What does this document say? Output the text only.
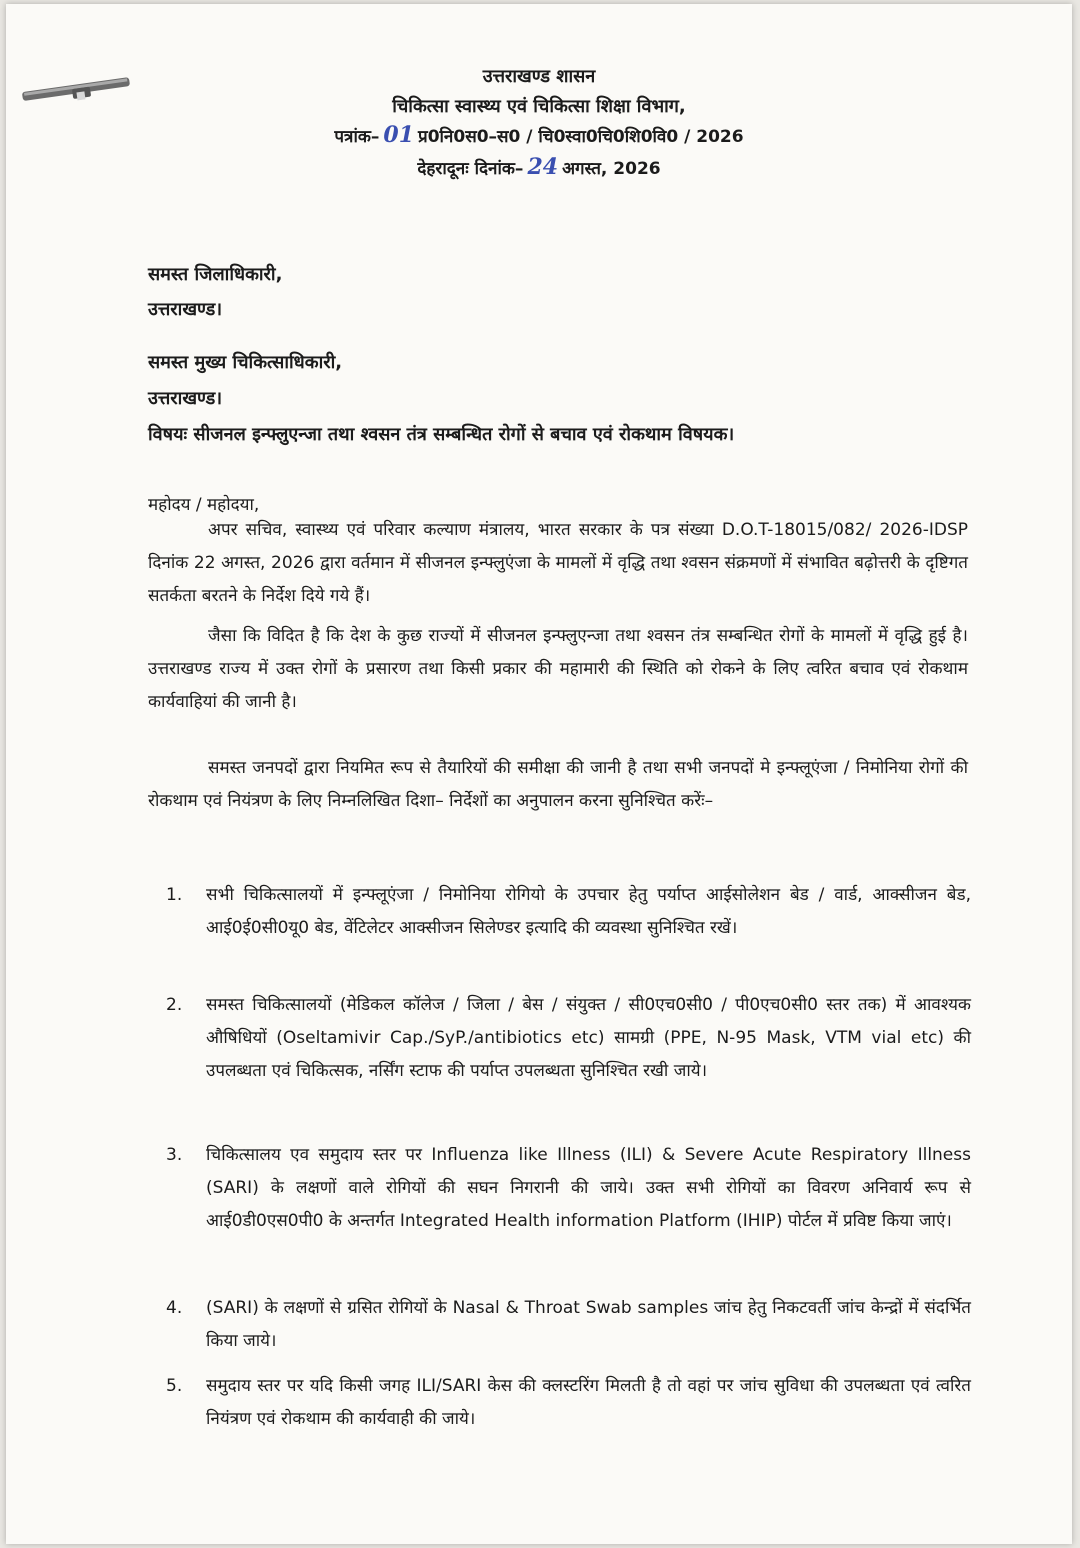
उत्तराखण्ड शासन
चिकित्सा स्वास्थ्य एवं चिकित्सा शिक्षा विभाग,
पत्रांक– 01 प्र0नि0स0–स0 / चि0स्वा0चि0शि0वि0 / 2026
देहरादूनः दिनांक– 24 अगस्त, 2026
समस्त जिलाधिकारी,
उत्तराखण्ड।
समस्त मुख्य चिकित्साधिकारी,
उत्तराखण्ड।
विषयः सीजनल इन्फ्लुएन्जा तथा श्वसन तंत्र सम्बन्धित रोगों से बचाव एवं रोकथाम विषयक।
महोदय / महोदया,
अपर सचिव, स्वास्थ्य एवं परिवार कल्याण मंत्रालय, भारत सरकार के पत्र संख्या D.O.T-18015/082/ 2026-IDSP दिनांक 22 अगस्त, 2026 द्वारा वर्तमान में सीजनल इन्फ्लुएंजा के मामलों में वृद्धि तथा श्वसन संक्रमणों में संभावित बढ़ोत्तरी के दृष्टिगत सतर्कता बरतने के निर्देश दिये गये हैं।
जैसा कि विदित है कि देश के कुछ राज्यों में सीजनल इन्फ्लुएन्जा तथा श्वसन तंत्र सम्बन्धित रोगों के मामलों में वृद्धि हुई है। उत्तराखण्ड राज्य में उक्त रोगों के प्रसारण तथा किसी प्रकार की महामारी की स्थिति को रोकने के लिए त्वरित बचाव एवं रोकथाम कार्यवाहियां की जानी है।
समस्त जनपदों द्वारा नियमित रूप से तैयारियों की समीक्षा की जानी है तथा सभी जनपदों मे इन्फ्लूएंजा / निमोनिया रोगों की रोकथाम एवं नियंत्रण के लिए निम्नलिखित दिशा– निर्देशों का अनुपालन करना सुनिश्चित करेंः–
1.	सभी चिकित्सालयों में इन्फ्लूएंजा / निमोनिया रोगियो के उपचार हेतु पर्याप्त आईसोलेशन बेड / वार्ड, आक्सीजन बेड, आई0ई0सी0यू0 बेड, वेंटिलेटर आक्सीजन सिलेण्डर इत्यादि की व्यवस्था सुनिश्चित रखें।
2.	समस्त चिकित्सालयों (मेडिकल कॉलेज / जिला / बेस / संयुक्त / सी0एच0सी0 / पी0एच0सी0 स्तर तक) में आवश्यक औषिधियों (Oseltamivir Cap./SyP./antibiotics etc) सामग्री (PPE, N-95 Mask, VTM vial etc) की उपलब्धता एवं चिकित्सक, नर्सिंग स्टाफ की पर्याप्त उपलब्धता सुनिश्चित रखी जाये।
3.	चिकित्सालय एव समुदाय स्तर पर Influenza like Illness (ILI) & Severe Acute Respiratory Illness (SARI) के लक्षणों वाले रोगियों की सघन निगरानी की जाये। उक्त सभी रोगियों का विवरण अनिवार्य रूप से आई0डी0एस0पी0 के अन्तर्गत Integrated Health information Platform (IHIP) पोर्टल में प्रविष्ट किया जाएं।
4.	(SARI) के लक्षणों से ग्रसित रोगियों के Nasal & Throat Swab samples जांच हेतु निकटवर्ती जांच केन्द्रों में संदर्भित किया जाये।
5.	समुदाय स्तर पर यदि किसी जगह ILI/SARI केस की क्लस्टरिंग मिलती है तो वहां पर जांच सुविधा की उपलब्धता एवं त्वरित नियंत्रण एवं रोकथाम की कार्यवाही की जाये।
